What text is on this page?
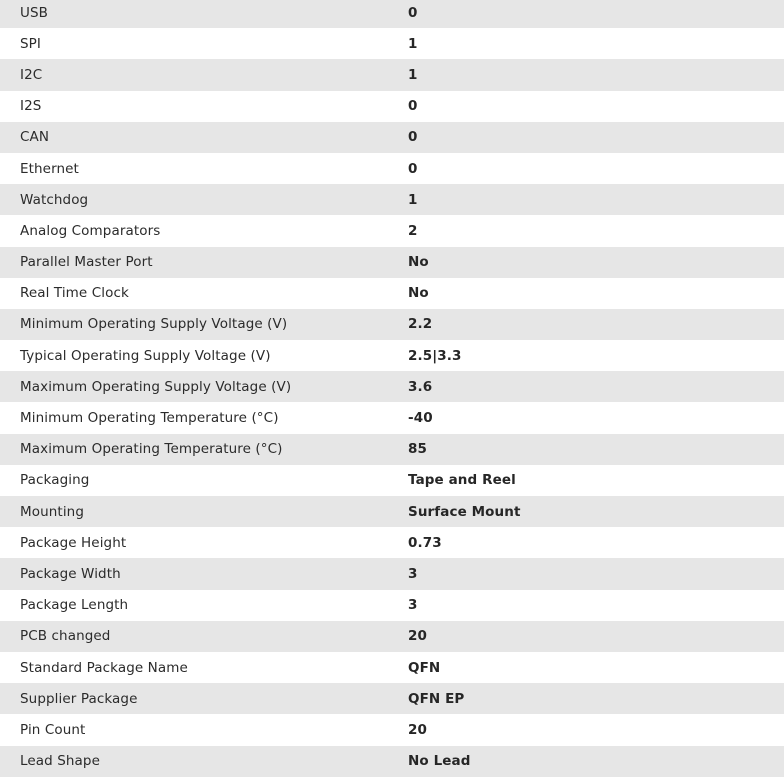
USB	0
SPI	1
I2C	1
I2S	0
CAN	0
Ethernet	0
Watchdog	1
Analog Comparators	2
Parallel Master Port	No
Real Time Clock	No
Minimum Operating Supply Voltage (V)	2.2
Typical Operating Supply Voltage (V)	2.5|3.3
Maximum Operating Supply Voltage (V)	3.6
Minimum Operating Temperature (°C)	-40
Maximum Operating Temperature (°C)	85
Packaging	Tape and Reel
Mounting	Surface Mount
Package Height	0.73
Package Width	3
Package Length	3
PCB changed	20
Standard Package Name	QFN
Supplier Package	QFN EP
Pin Count	20
Lead Shape	No Lead
